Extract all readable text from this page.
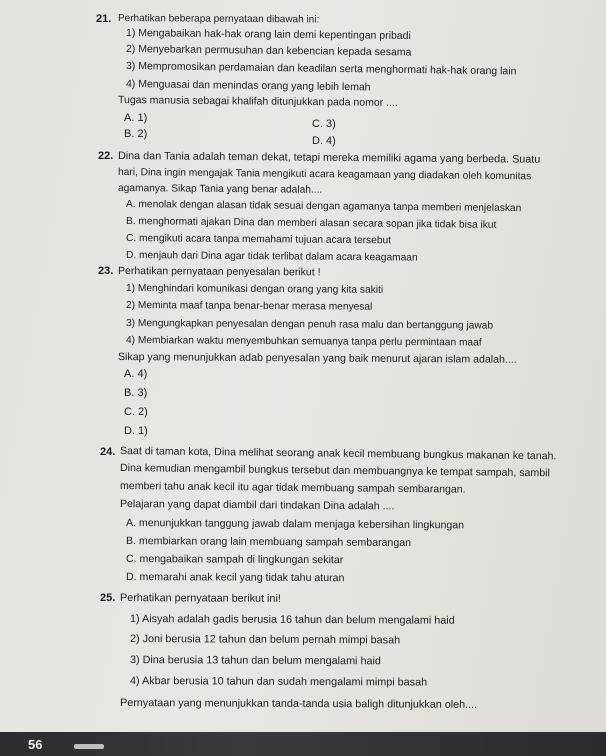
21. Perhatikan beberapa pernyataan dibawah ini:
1) Mengabaikan hak-hak orang lain demi kepentingan pribadi
2) Menyebarkan permusuhan dan kebencian kepada sesama
3) Mempromosikan perdamaian dan keadilan serta menghormati hak-hak orang lain
4) Menguasai dan menindas orang yang lebih lemah
Tugas manusia sebagai khalifah ditunjukkan pada nomor ....
A. 1)
B. 2)
C. 3)
D. 4)
22. Dina dan Tania adalah teman dekat, tetapi mereka memiliki agama yang berbeda. Suatu
hari, Dina ingin mengajak Tania mengikuti acara keagamaan yang diadakan oleh komunitas
agamanya. Sikap Tania yang benar adalah....
A. menolak dengan alasan tidak sesuai dengan agamanya tanpa memberi menjelaskan
B. menghormati ajakan Dina dan memberi alasan secara sopan jika tidak bisa ikut
C. mengikuti acara tanpa memahami tujuan acara tersebut
D. menjauh dari Dina agar tidak terlibat dalam acara keagamaan
23. Perhatikan pernyataan penyesalan berikut !
1) Menghindari komunikasi dengan orang yang kita sakiti
2) Meminta maaf tanpa benar-benar merasa menyesal
3) Mengungkapkan penyesalan dengan penuh rasa malu dan bertanggung jawab
4) Membiarkan waktu menyembuhkan semuanya tanpa perlu permintaan maaf
Sikap yang menunjukkan adab penyesalan yang baik menurut ajaran islam adalah....
A. 4)
B. 3)
C. 2)
D. 1)
24. Saat di taman kota, Dina melihat seorang anak kecil membuang bungkus makanan ke tanah.
Dina kemudian mengambil bungkus tersebut dan membuangnya ke tempat sampah, sambil
memberi tahu anak kecil itu agar tidak membuang sampah sembarangan.
Pelajaran yang dapat diambil dari tindakan Dina adalah ....
A. menunjukkan tanggung jawab dalam menjaga kebersihan lingkungan
B. membiarkan orang lain membuang sampah sembarangan
C. mengabaikan sampah di lingkungan sekitar
D. memarahi anak kecil yang tidak tahu aturan
25. Perhatikan pernyataan berikut ini!
1) Aisyah adalah gadis berusia 16 tahun dan belum mengalami haid
2) Joni berusia 12 tahun dan belum pernah mimpi basah
3) Dina berusia 13 tahun dan belum mengalami haid
4) Akbar berusia 10 tahun dan sudah mengalami mimpi basah
Pernyataan yang menunjukkan tanda-tanda usia baligh ditunjukkan oleh....
56
